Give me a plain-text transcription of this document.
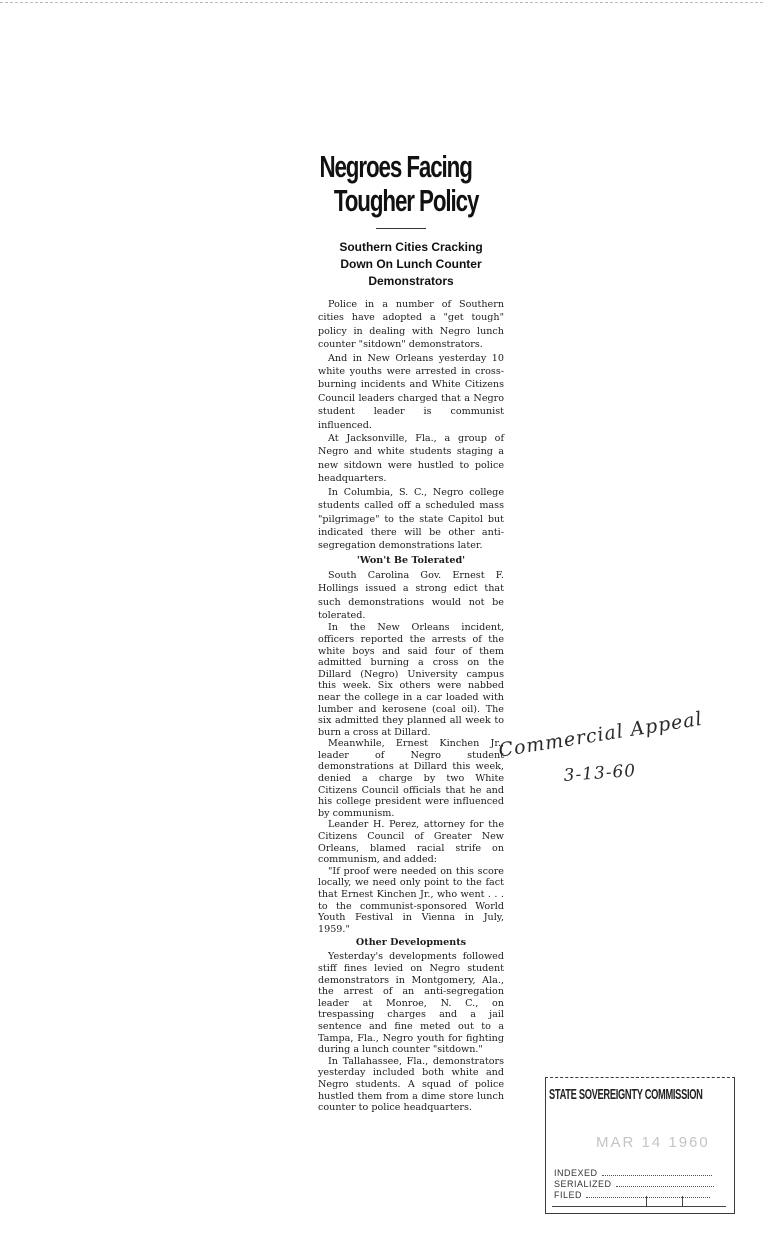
Negroes Facing
Tougher Policy
Southern Cities Cracking Down On Lunch Counter Demonstrators

Police in a number of Southern cities have adopted a "get tough" policy in dealing with Negro lunch counter "sitdown" demonstrators.

And in New Orleans yesterday 10 white youths were arrested in cross-burning incidents and White Citizens Council leaders charged that a Negro student leader is communist influenced.

At Jacksonville, Fla., a group of Negro and white students staging a new sitdown were hustled to police headquarters.

In Columbia, S. C., Negro college students called off a scheduled mass "pilgrimage" to the state Capitol but indicated there will be other anti-segregation demonstrations later.

'Won't Be Tolerated'

South Carolina Gov. Ernest F. Hollings issued a strong edict that such demonstrations would not be tolerated.

In the New Orleans incident, officers reported the arrests of the white boys and said four of them admitted burning a cross on the Dillard (Negro) University campus this week. Six others were nabbed near the college in a car loaded with lumber and kerosene (coal oil). The six admitted they planned all week to burn a cross at Dillard.

Meanwhile, Ernest Kinchen Jr., leader of Negro student demonstrations at Dillard this week, denied a charge by two White Citizens Council officials that he and his college president were influenced by communism.

Leander H. Perez, attorney for the Citizens Council of Greater New Orleans, blamed racial strife on communism, and added:

"If proof were needed on this score locally, we need only point to the fact that Ernest Kinchen Jr., who went . . . to the communist-sponsored World Youth Festival in Vienna in July, 1959."

Other Developments

Yesterday's developments followed stiff fines levied on Negro student demonstrators in Montgomery, Ala., the arrest of an anti-segregation leader at Monroe, N. C., on trespassing charges and a jail sentence and fine meted out to a Tampa, Fla., Negro youth for fighting during a lunch counter "sitdown."

In Tallahassee, Fla., demonstrators yesterday included both white and Negro students. A squad of police hustled them from a dime store lunch counter to police headquarters.

Commercial Appeal
3-13-60
STATE SOVEREIGNTY COMMISSION
MAR 14 1960
INDEXED
SERIALIZED
FILED
